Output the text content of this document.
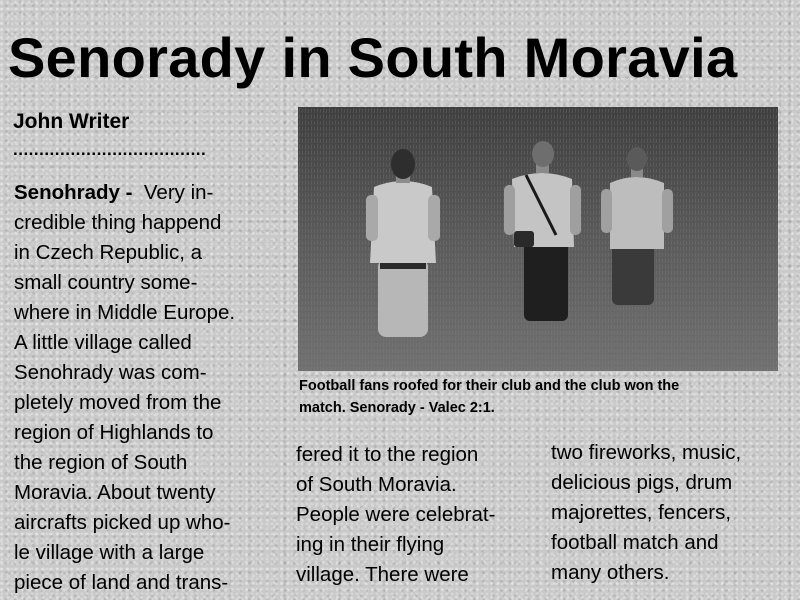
Senorady in South Moravia
John Writer
.....................................
Senohrady - Very in-
credible thing happend
in Czech Republic, a
small country some-
where in Middle Europe.
A little village called
Senohrady was com-
pletely moved from the
region of Highlands to
the region of South
Moravia. About twenty
aircrafts picked up who-
le village with a large
piece of land and trans-
Football fans roofed for their club and the club won the
match. Senorady - Valec 2:1.
fered it to the region
of South Moravia.
People were celebrat-
ing in their flying
village. There were
two fireworks, music,
delicious pigs, drum
majorettes, fencers,
football match and
many others.
